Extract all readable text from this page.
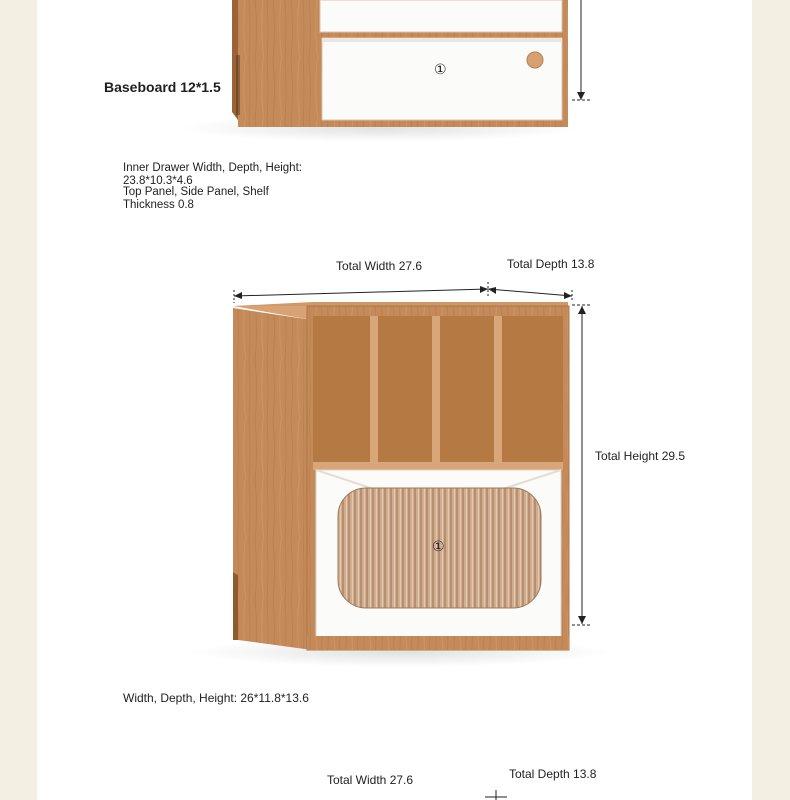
Baseboard 12*1.5
①
Inner Drawer Width, Depth, Height:
23.8*10.3*4.6
Top Panel, Side Panel, Shelf
Thickness 0.8
Total Width 27.6	Total Depth 13.8
Total Height 29.5
①
Width, Depth, Height: 26*11.8*13.6
Total Width 27.6	Total Depth 13.8
